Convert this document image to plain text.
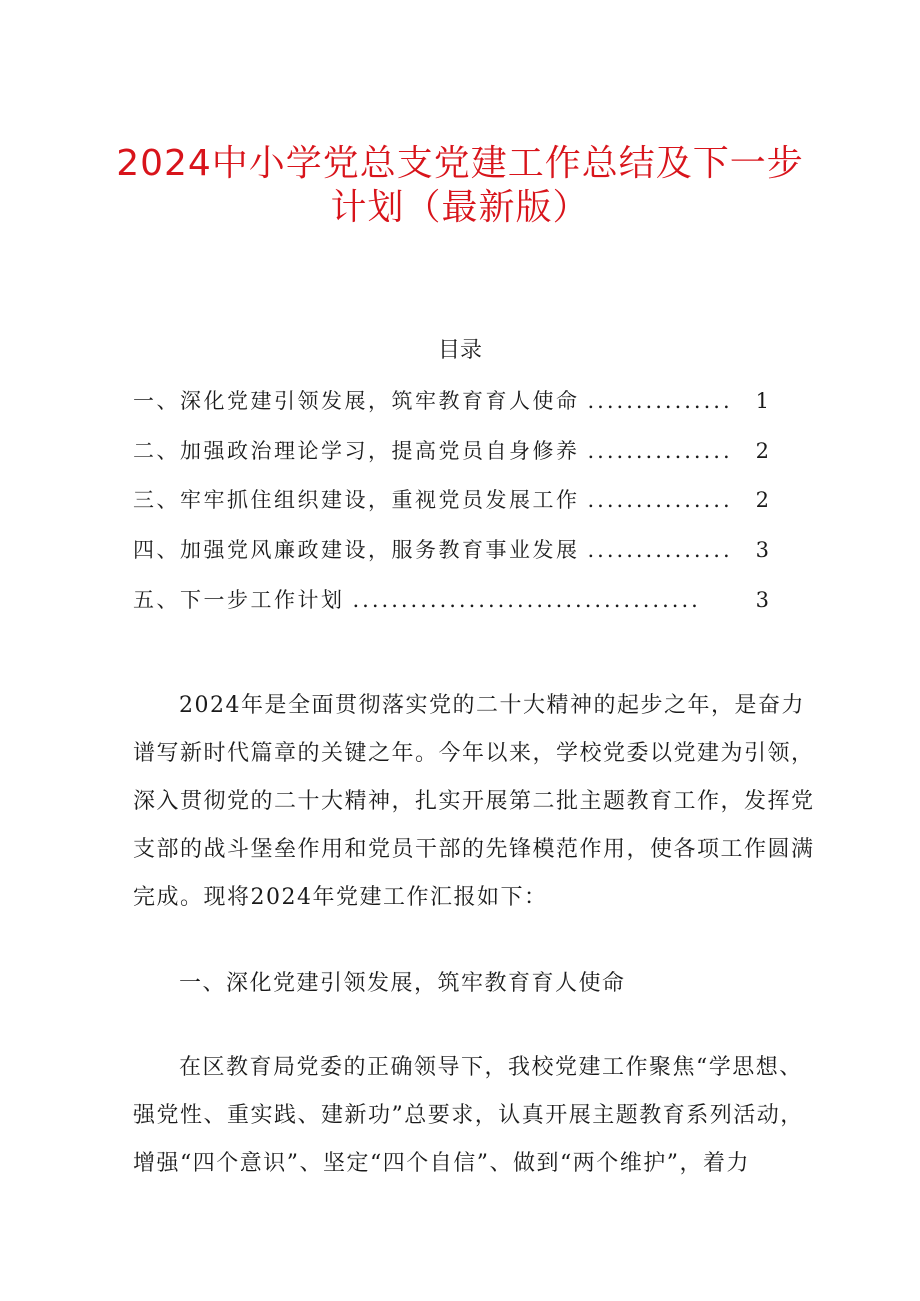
2024中小学党总支党建工作总结及下一步
计划（最新版）
目录
一、深化党建引领发展，筑牢教育育人使命 ...............	1
二、加强政治理论学习，提高党员自身修养 ...............	2
三、牢牢抓住组织建设，重视党员发展工作 ...............	2
四、加强党风廉政建设，服务教育事业发展 ...............	3
五、下一步工作计划 ....................................	3
2024年是全面贯彻落实党的二十大精神的起步之年，是奋力
谱写新时代篇章的关键之年。今年以来，学校党委以党建为引领，
深入贯彻党的二十大精神，扎实开展第二批主题教育工作，发挥党
支部的战斗堡垒作用和党员干部的先锋模范作用，使各项工作圆满
完成。现将2024年党建工作汇报如下：
一、深化党建引领发展，筑牢教育育人使命
在区教育局党委的正确领导下，我校党建工作聚焦“学思想、
强党性、重实践、建新功”总要求，认真开展主题教育系列活动，
增强“四个意识”、坚定“四个自信”、做到“两个维护”，着力
